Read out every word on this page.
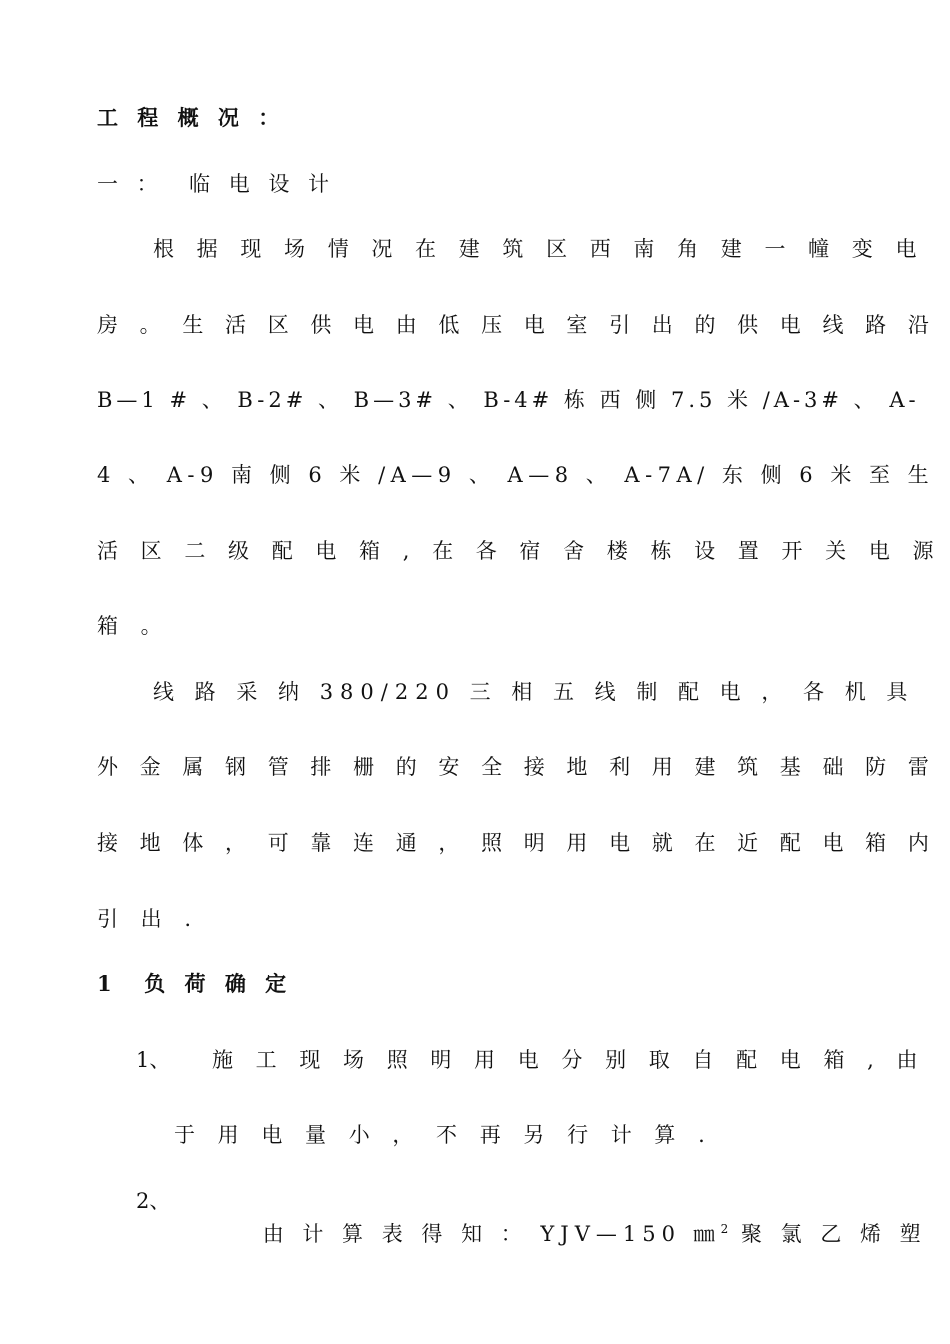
工 程 概 况 ：
一 ：  临 电 设 计
根 据 现 场 情 况 在 建 筑 区 西 南 角 建 一 幢 变 电
房 。 生 活 区 供 电 由 低 压 电 室 引 出 的 供 电 线 路 沿
B—1 # 、 B-2# 、 B—3# 、 B-4# 栋 西 侧 7.5 米 /A-3# 、 A-
4 、 A-9 南 侧 6 米 /A—9 、 A—8 、 A-7A/ 东 侧 6 米 至 生
活 区 二 级 配 电 箱 , 在 各 宿 舍 楼 栋 设 置 开 关 电 源
箱 。
线 路 采 纳 380/220 三 相 五 线 制 配 电 ， 各 机 具
外 金 属 钢 管 排 栅 的 安 全 接 地 利 用 建 筑 基 础 防 雷
接 地 体 ， 可 靠 连 通 ， 照 明 用 电 就 在 近 配 电 箱 内
引 出 .
1  负 荷 确 定
1、 施 工 现 场 照 明 用 电 分 别 取 自 配 电 箱 , 由
于 用 电 量 小 ， 不 再 另 行 计 算 .
2、

由 计 算 表 得 知 ： YJV—150 ㎜$^2$ 聚 氯 乙 烯 塑
